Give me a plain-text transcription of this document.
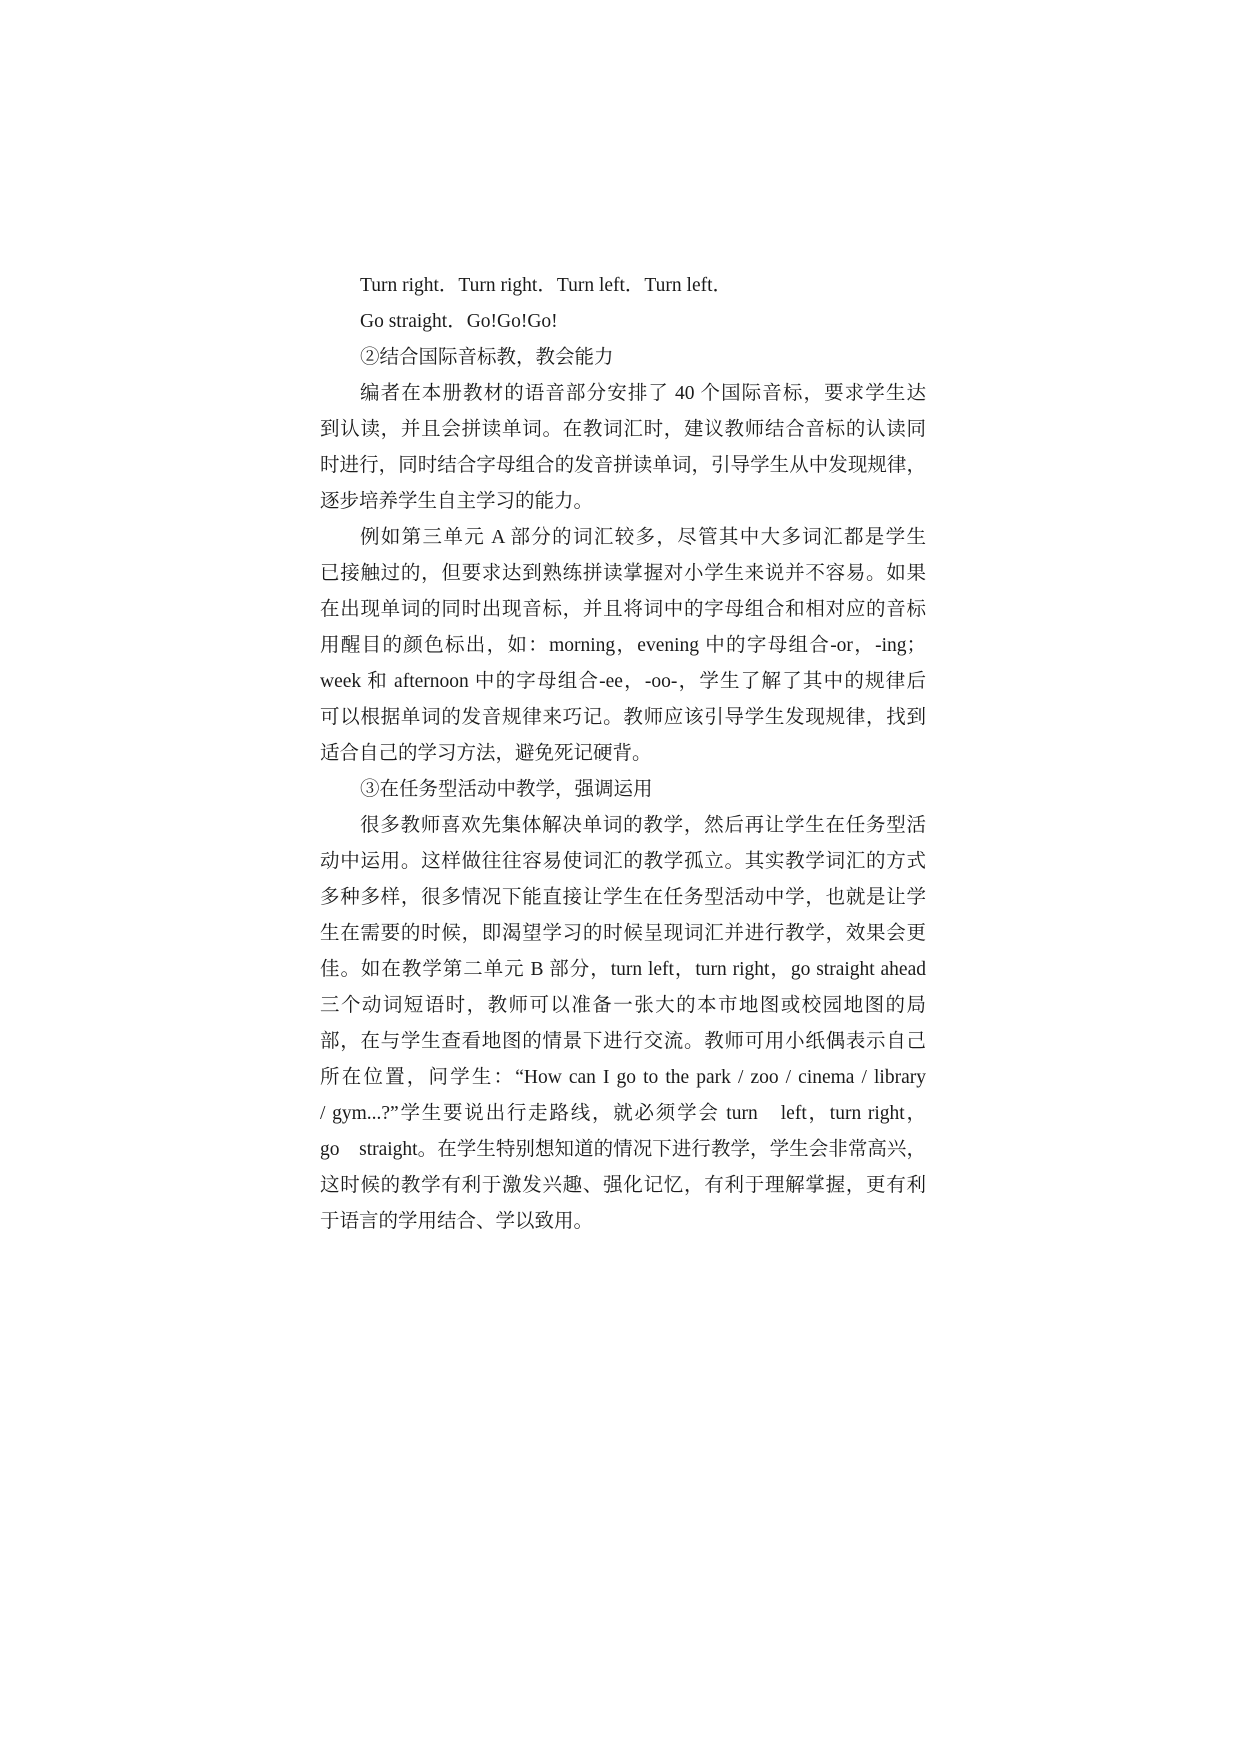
Turn right．Turn right．Turn left．Turn left．
Go straight．Go!Go!Go!
②结合国际音标教，教会能力
编者在本册教材的语音部分安排了 40 个国际音标，要求学生达
到认读，并且会拼读单词。在教词汇时，建议教师结合音标的认读同
时进行，同时结合字母组合的发音拼读单词，引导学生从中发现规律，
逐步培养学生自主学习的能力。
例如第三单元 A 部分的词汇较多，尽管其中大多词汇都是学生
已接触过的，但要求达到熟练拼读掌握对小学生来说并不容易。如果
在出现单词的同时出现音标，并且将词中的字母组合和相对应的音标
用醒目的颜色标出，如：morning，evening 中的字母组合-or，-ing；
week 和 afternoon 中的字母组合-ee，-oo-，学生了解了其中的规律后
可以根据单词的发音规律来巧记。教师应该引导学生发现规律，找到
适合自己的学习方法，避免死记硬背。
③在任务型活动中教学，强调运用
很多教师喜欢先集体解决单词的教学，然后再让学生在任务型活
动中运用。这样做往往容易使词汇的教学孤立。其实教学词汇的方式
多种多样，很多情况下能直接让学生在任务型活动中学，也就是让学
生在需要的时候，即渴望学习的时候呈现词汇并进行教学，效果会更
佳。如在教学第二单元 B 部分，turn left，turn right，go straight ahead
三个动词短语时，教师可以准备一张大的本市地图或校园地图的局
部，在与学生查看地图的情景下进行交流。教师可用小纸偶表示自己
所在位置，问学生：“How can I go to the park / zoo / cinema / library
/ gym...?”学生要说出行走路线，就必须学会 turn　left，turn right，
go　straight。在学生特别想知道的情况下进行教学，学生会非常高兴，
这时候的教学有利于激发兴趣、强化记忆，有利于理解掌握，更有利
于语言的学用结合、学以致用。
